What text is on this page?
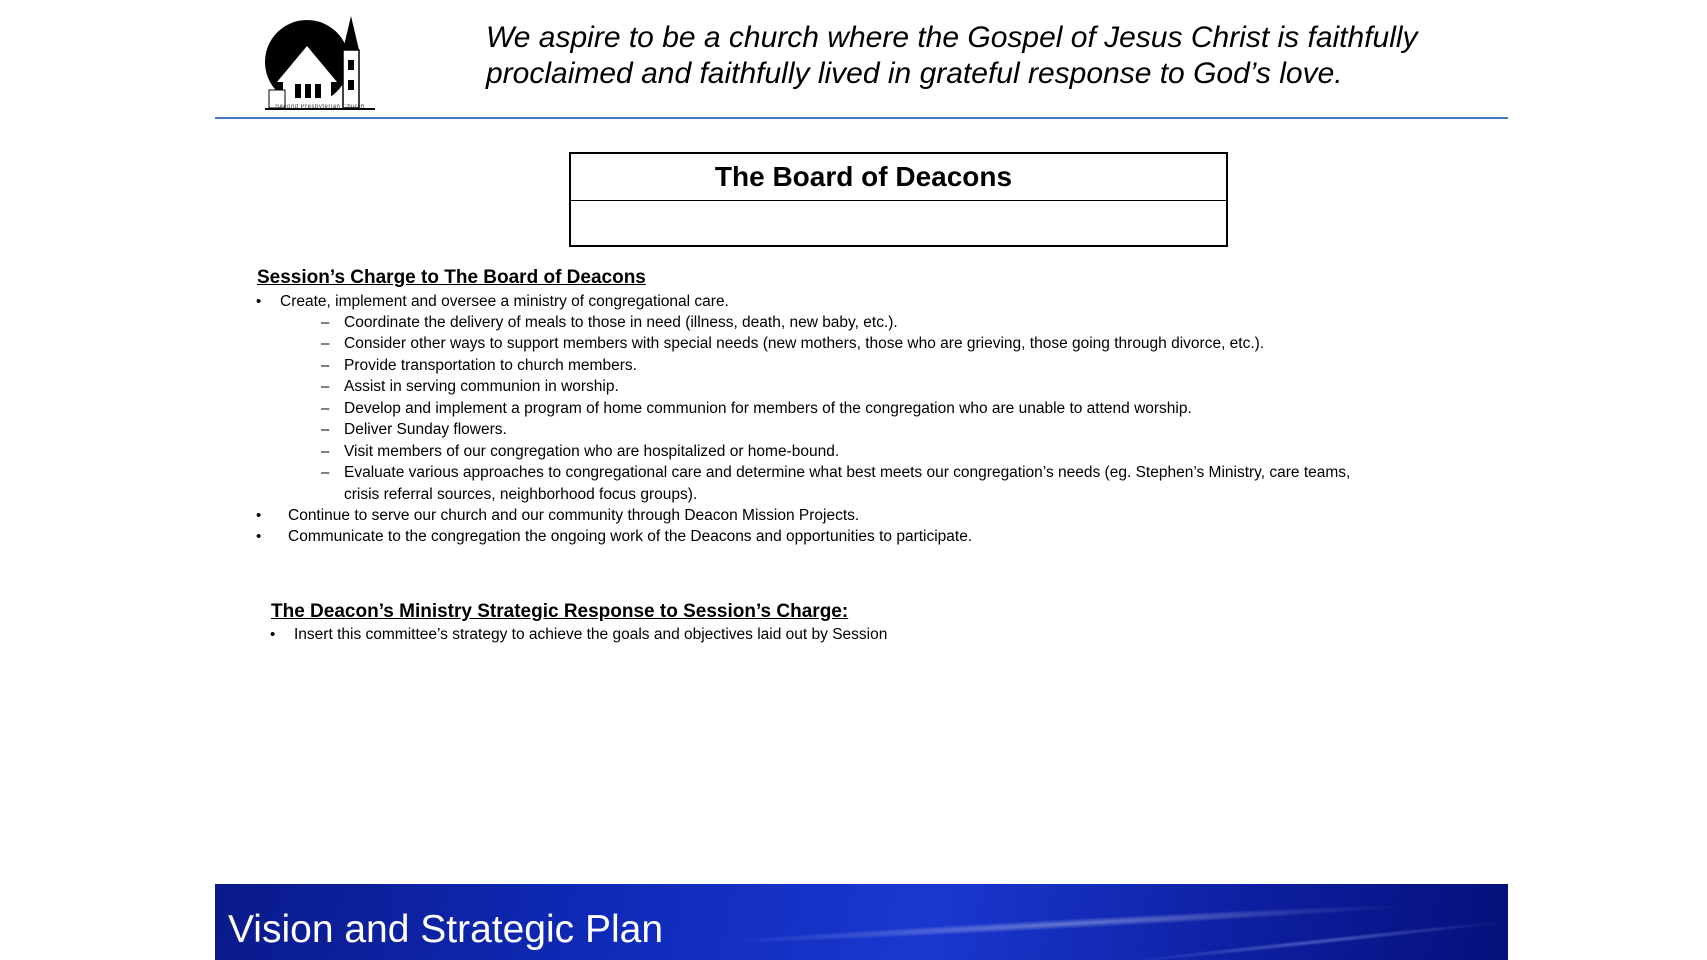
Second Presbyterian Church
We aspire to be a church where the Gospel of Jesus Christ is faithfully
proclaimed and faithfully lived in grateful response to God’s love.
The Board of Deacons
Session’s Charge to The Board of Deacons
• Create, implement and oversee a ministry of congregational care.
– Coordinate the delivery of meals to those in need (illness, death, new baby, etc.).
– Consider other ways to support members with special needs (new mothers, those who are grieving, those going through divorce, etc.).
– Provide transportation to church members.
– Assist in serving communion in worship.
– Develop and implement a program of home communion for members of the congregation who are unable to attend worship.
– Deliver Sunday flowers.
– Visit members of our congregation who are hospitalized or home-bound.
– Evaluate various approaches to congregational care and determine what best meets our congregation’s needs (eg. Stephen’s Ministry, care teams,
crisis referral sources, neighborhood focus groups).
• Continue to serve our church and our community through Deacon Mission Projects.
• Communicate to the congregation the ongoing work of the Deacons and opportunities to participate.
The Deacon’s Ministry Strategic Response to Session’s Charge:
• Insert this committee’s strategy to achieve the goals and objectives laid out by Session
Vision and Strategic Plan
